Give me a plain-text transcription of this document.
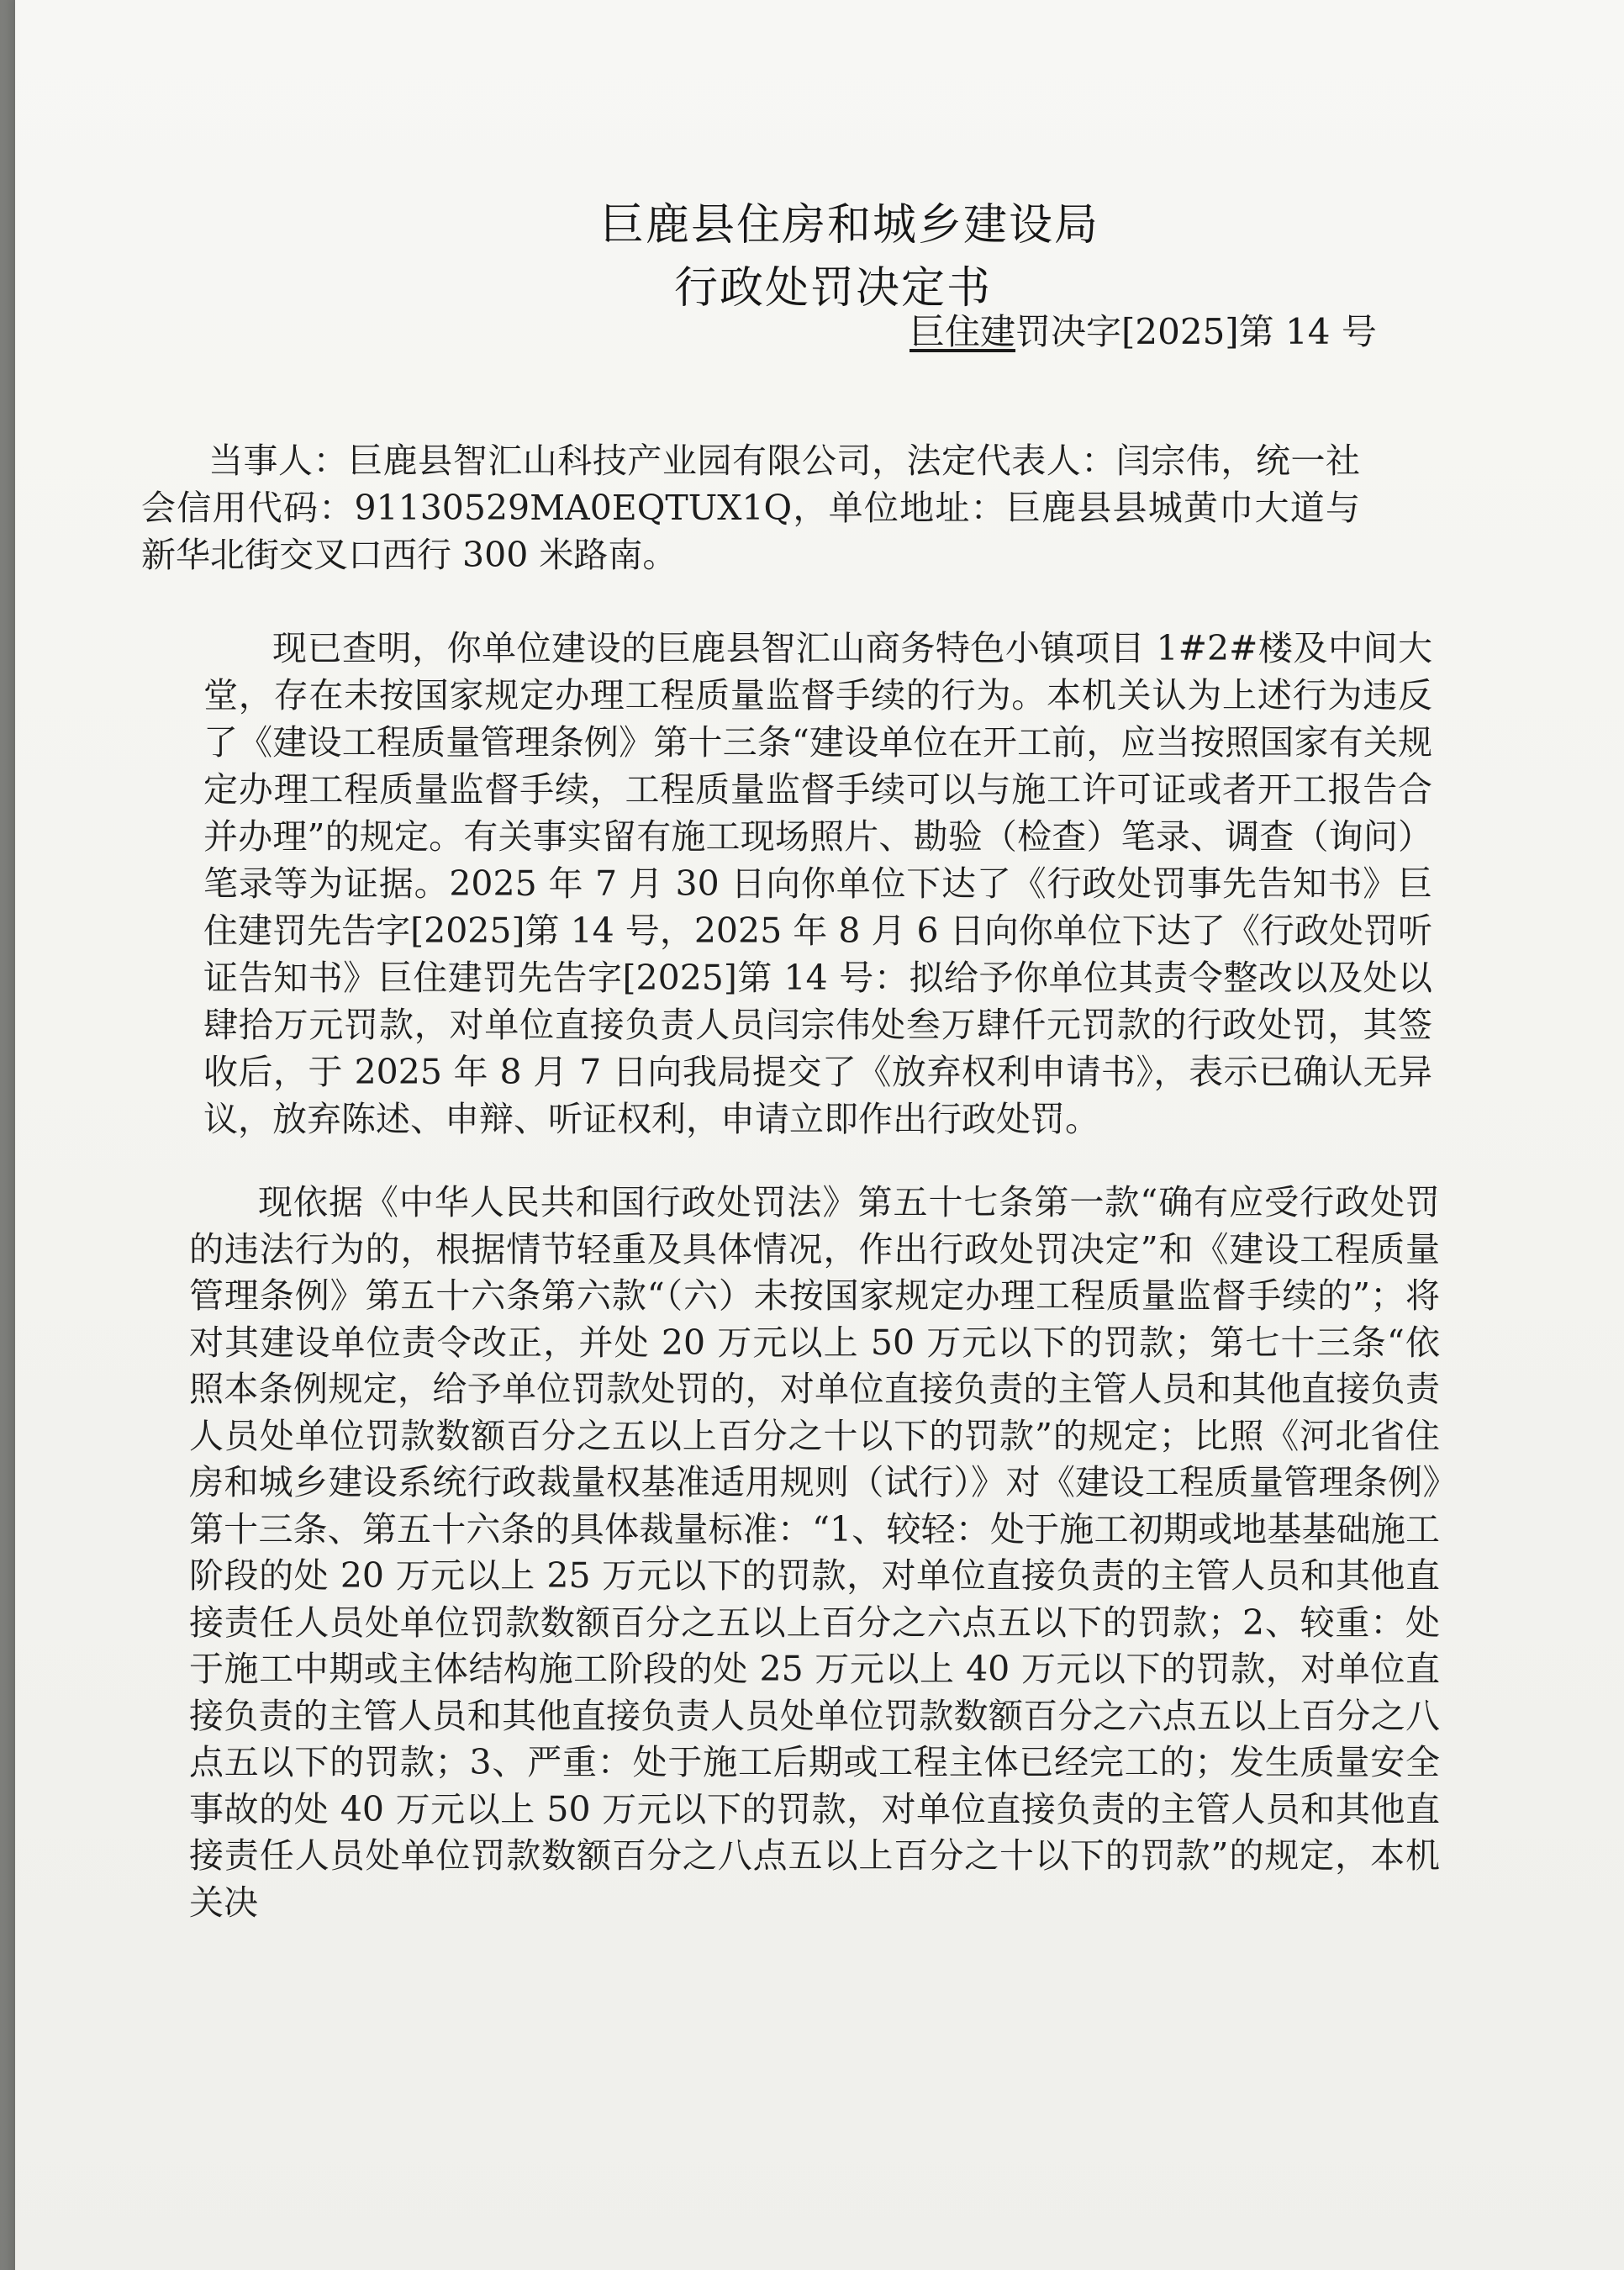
巨鹿县住房和城乡建设局
行政处罚决定书
巨住建罚决字[2025]第 14 号
当事人：巨鹿县智汇山科技产业园有限公司，法定代表人：闫宗伟，统一社会信用代码：91130529MA0EQTUX1Q，单位地址：巨鹿县县城黄巾大道与新华北街交叉口西行 300 米路南。
现已查明，你单位建设的巨鹿县智汇山商务特色小镇项目 1#2#楼及中间大堂，存在未按国家规定办理工程质量监督手续的行为。本机关认为上述行为违反了《建设工程质量管理条例》第十三条“建设单位在开工前，应当按照国家有关规定办理工程质量监督手续，工程质量监督手续可以与施工许可证或者开工报告合并办理”的规定。有关事实留有施工现场照片、勘验（检查）笔录、调查（询问）笔录等为证据。2025 年 7 月 30 日向你单位下达了《行政处罚事先告知书》巨住建罚先告字[2025]第 14 号，2025 年 8 月 6 日向你单位下达了《行政处罚听证告知书》巨住建罚先告字[2025]第 14 号：拟给予你单位其责令整改以及处以肆拾万元罚款，对单位直接负责人员闫宗伟处叁万肆仟元罚款的行政处罚，其签收后，于 2025 年 8 月 7 日向我局提交了《放弃权利申请书》，表示已确认无异议，放弃陈述、申辩、听证权利，申请立即作出行政处罚。
现依据《中华人民共和国行政处罚法》第五十七条第一款“确有应受行政处罚的违法行为的，根据情节轻重及具体情况，作出行政处罚决定”和《建设工程质量管理条例》第五十六条第六款“（六）未按国家规定办理工程质量监督手续的”；将对其建设单位责令改正，并处 20 万元以上 50 万元以下的罚款；第七十三条“依照本条例规定，给予单位罚款处罚的，对单位直接负责的主管人员和其他直接负责人员处单位罚款数额百分之五以上百分之十以下的罚款”的规定；比照《河北省住房和城乡建设系统行政裁量权基准适用规则（试行）》对《建设工程质量管理条例》第十三条、第五十六条的具体裁量标准：“1、较轻：处于施工初期或地基基础施工阶段的处 20 万元以上 25 万元以下的罚款，对单位直接负责的主管人员和其他直接责任人员处单位罚款数额百分之五以上百分之六点五以下的罚款；2、较重：处于施工中期或主体结构施工阶段的处 25 万元以上 40 万元以下的罚款，对单位直接负责的主管人员和其他直接负责人员处单位罚款数额百分之六点五以上百分之八点五以下的罚款；3、严重：处于施工后期或工程主体已经完工的；发生质量安全事故的处 40 万元以上 50 万元以下的罚款，对单位直接负责的主管人员和其他直接责任人员处单位罚款数额百分之八点五以上百分之十以下的罚款”的规定，本机关决
